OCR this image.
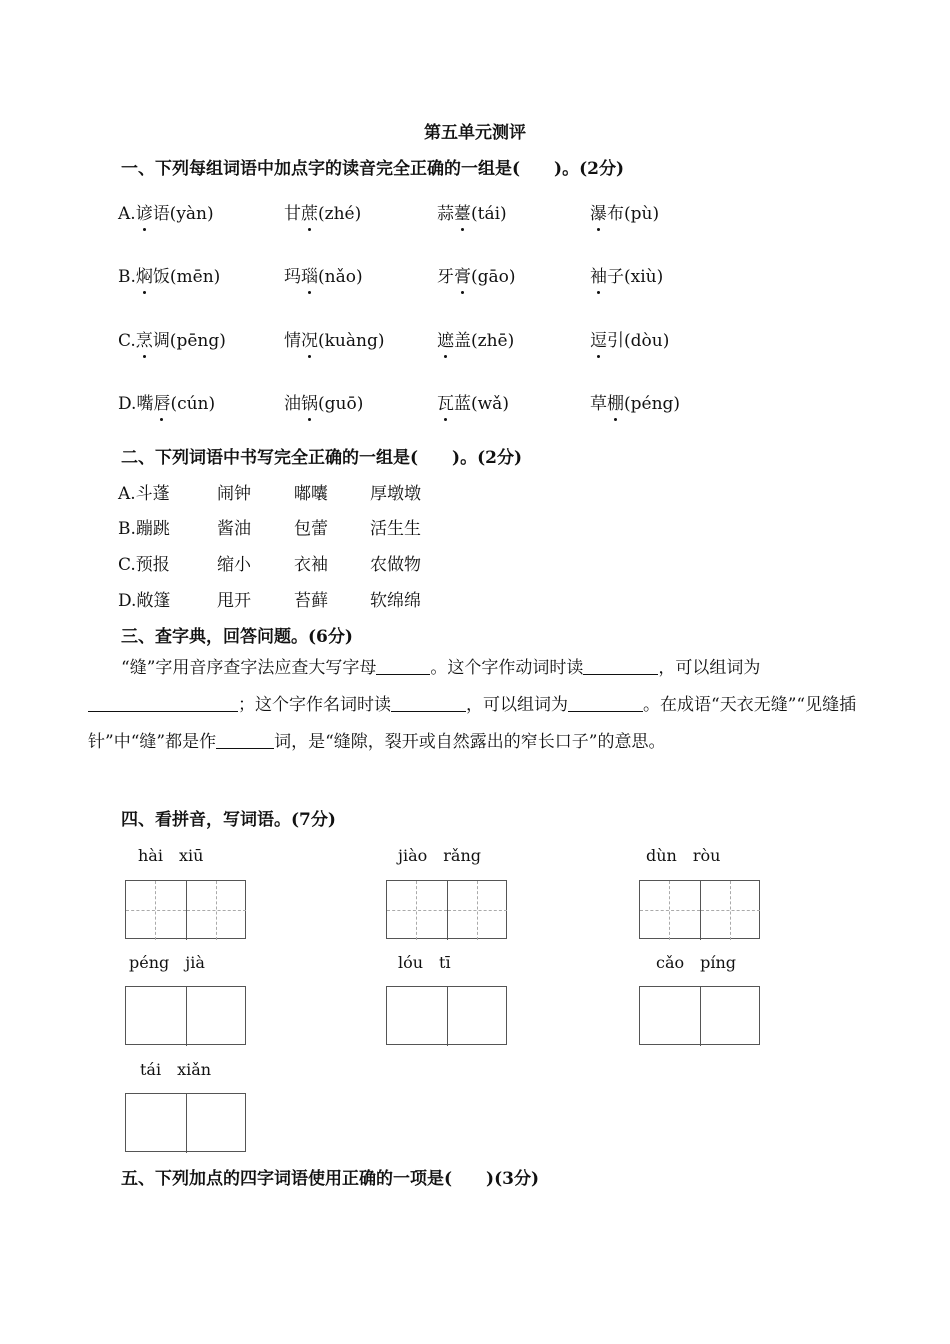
第五单元测评
一、下列每组词语中加点字的读音完全正确的一组是(　　)。(2分)
A.谚语(yàn)	甘蔗(zhé)	蒜薹(tái)	瀑布(pù)
B.焖饭(mēn)	玛瑙(nǎo)	牙膏(gāo)	袖子(xiù)
C.烹调(pēng)	情况(kuàng)	遮盖(zhē)	逗引(dòu)
D.嘴唇(cún)	油锅(guō)	瓦蓝(wǎ)	草棚(péng)
二、下列词语中书写完全正确的一组是(　　)。(2分)
A.斗蓬	闹钟	嘟囔 厚墩墩
B.蹦跳	酱油	包蕾 活生生
C.预报	缩小	衣袖 农做物
D.敞篷	甩开	苔藓 软绵绵
三、查字典，回答问题。(6分)
“缝”字用音序查字法应查大写字母	。这个字作动词时读	，可以组词为
；这个字作名词时读	，可以组词为	。在成语“天衣无缝”“见缝插针”中“缝”都是作	词，是“缝隙，裂开或自然露出的窄长口子”的意思。
四、看拼音，写词语。(7分)
hài　xiū	jiào　rǎng	dùn　ròu
péng　jià	lóu　tī	cǎo　píng
tái　xiǎn
五、下列加点的四字词语使用正确的一项是(　　)(3分)
